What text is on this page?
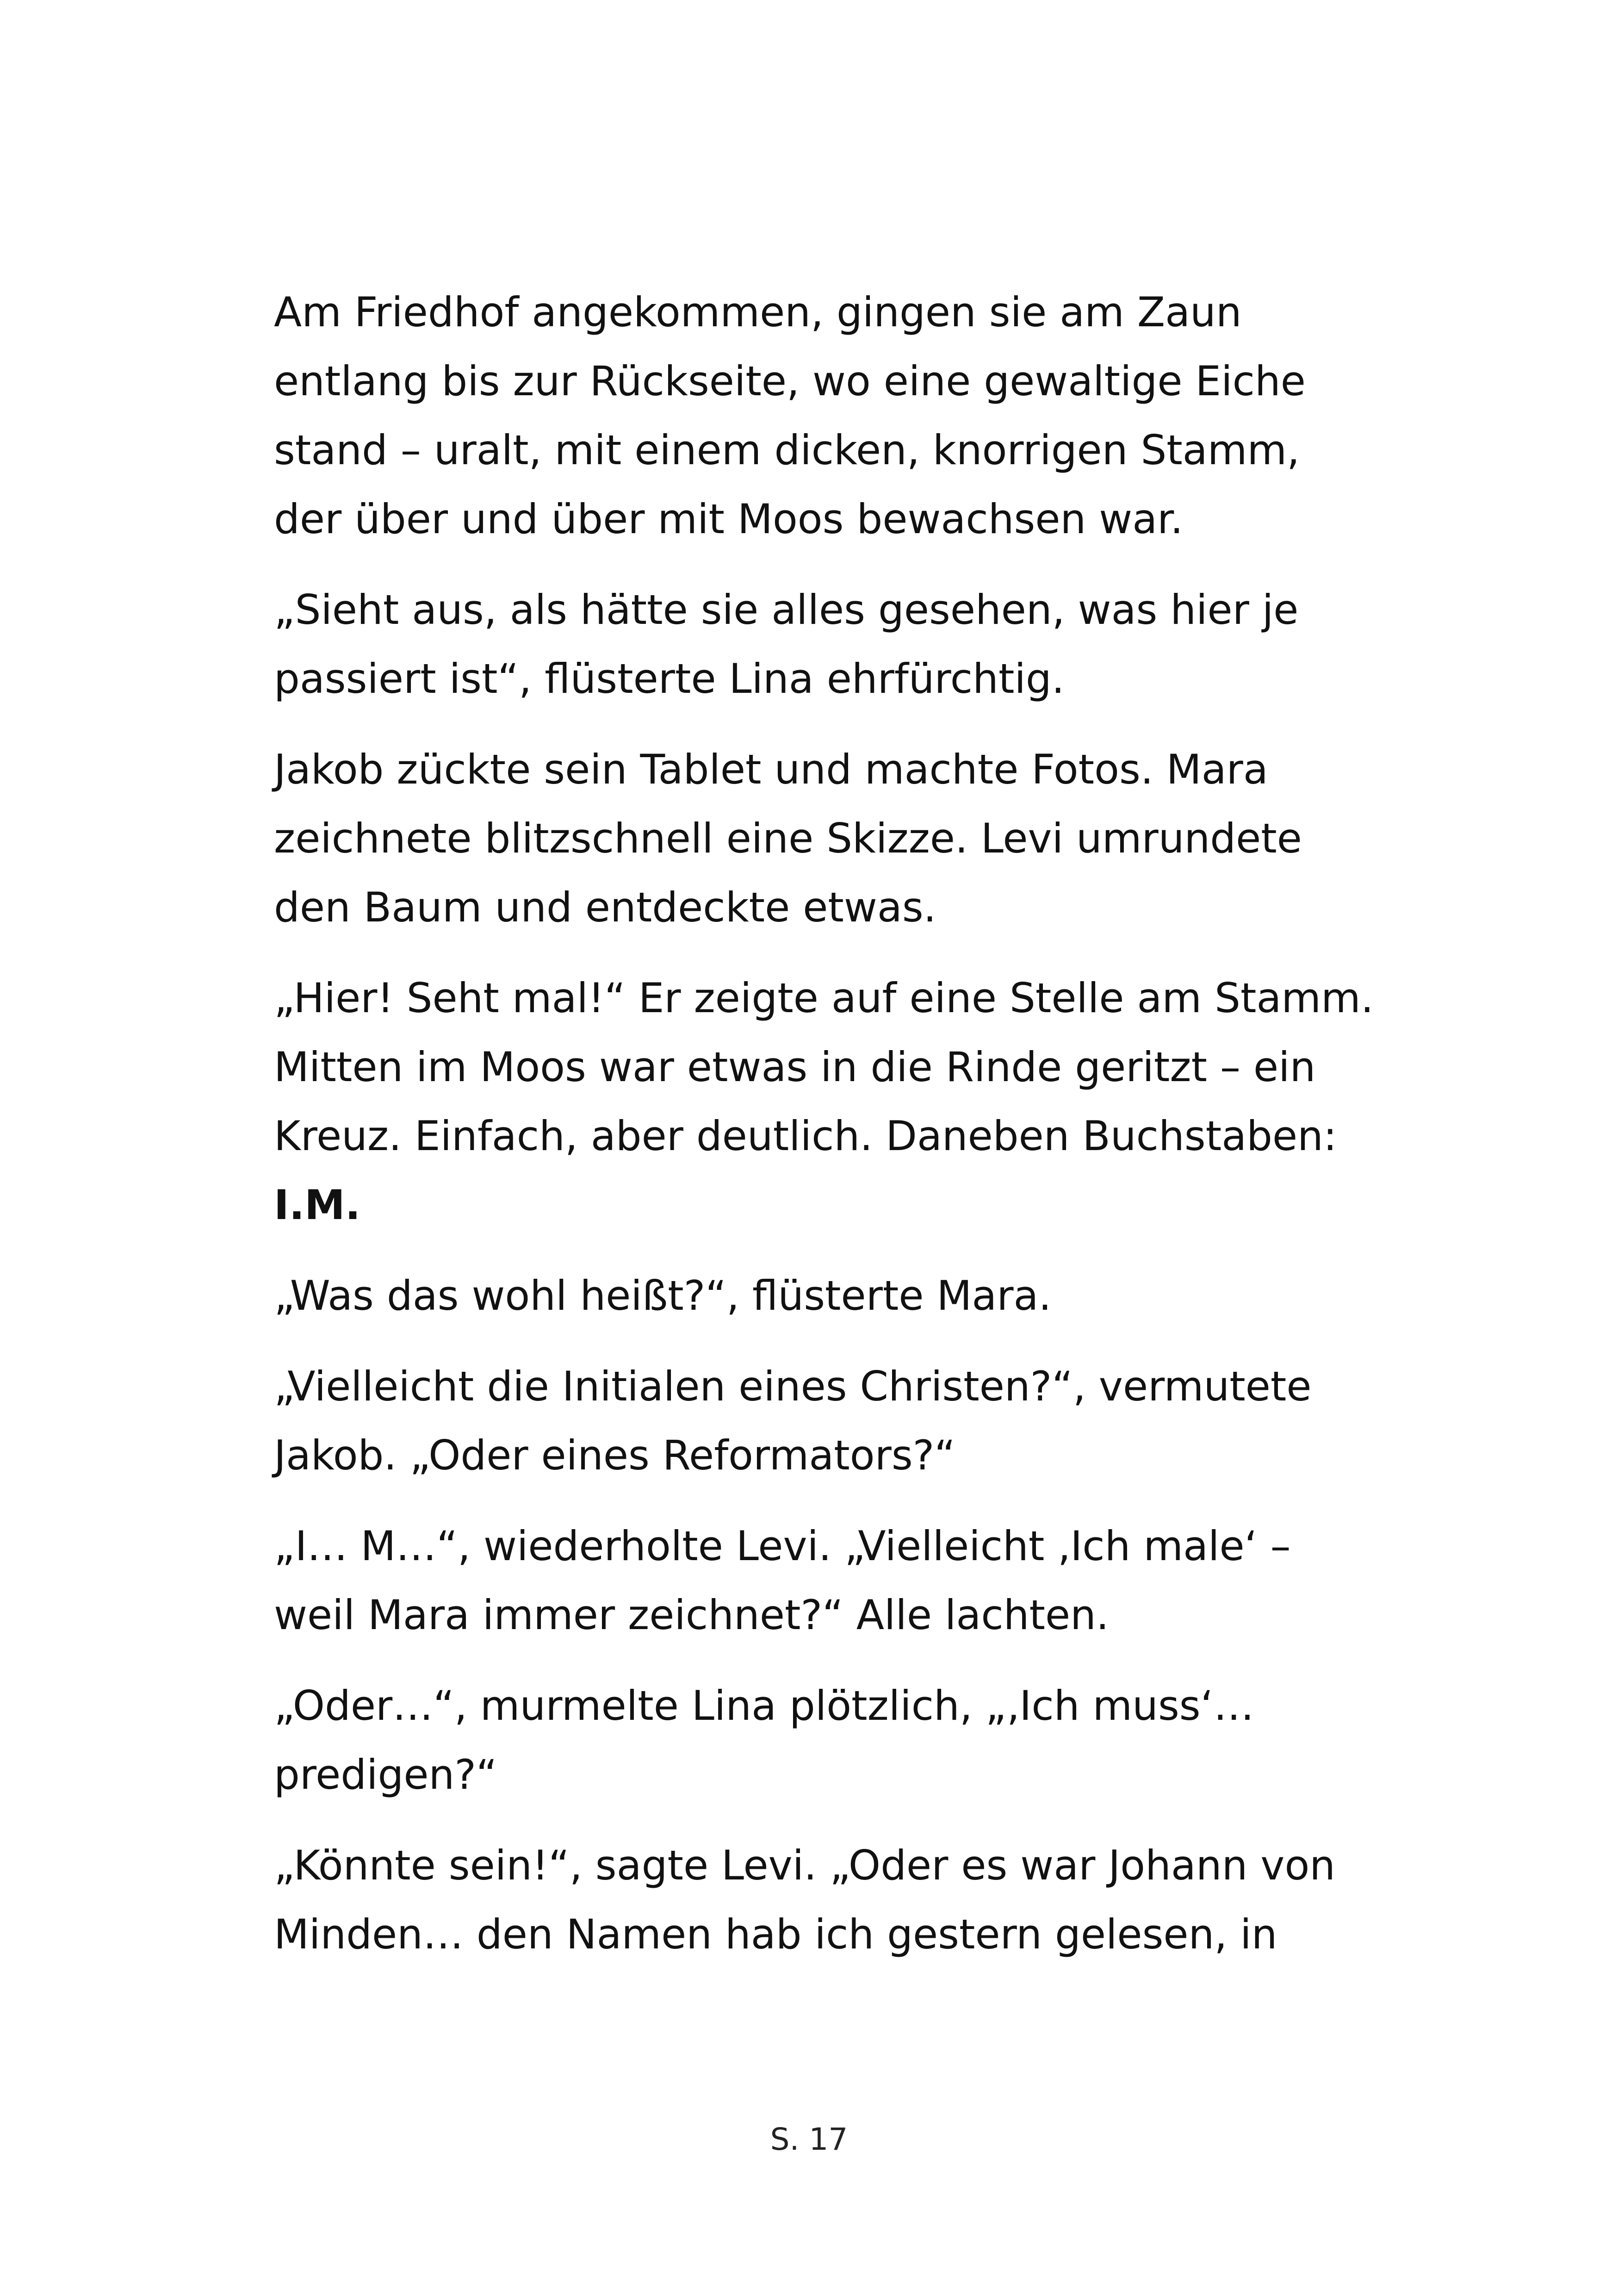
Am Friedhof angekommen, gingen sie am Zaun
entlang bis zur Rückseite, wo eine gewaltige Eiche
stand – uralt, mit einem dicken, knorrigen Stamm,
der über und über mit Moos bewachsen war.

„Sieht aus, als hätte sie alles gesehen, was hier je
passiert ist“, flüsterte Lina ehrfürchtig.

Jakob zückte sein Tablet und machte Fotos. Mara
zeichnete blitzschnell eine Skizze. Levi umrundete
den Baum und entdeckte etwas.

„Hier! Seht mal!“ Er zeigte auf eine Stelle am Stamm.
Mitten im Moos war etwas in die Rinde geritzt – ein
Kreuz. Einfach, aber deutlich. Daneben Buchstaben:
I.M.

„Was das wohl heißt?“, flüsterte Mara.

„Vielleicht die Initialen eines Christen?“, vermutete
Jakob. „Oder eines Reformators?“

„I… M…“, wiederholte Levi. „Vielleicht ‚Ich male‘ –
weil Mara immer zeichnet?“ Alle lachten.

„Oder…“, murmelte Lina plötzlich, „‚Ich muss‘…
predigen?“

„Könnte sein!“, sagte Levi. „Oder es war Johann von
Minden… den Namen hab ich gestern gelesen, in

S. 17
